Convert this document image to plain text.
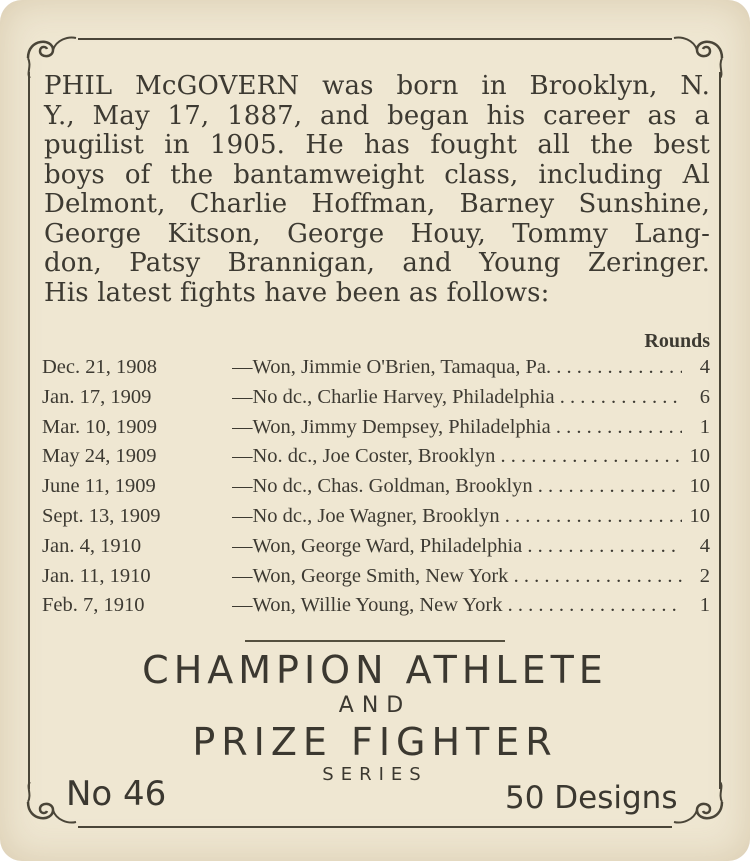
PHIL McGOVERN was born in Brooklyn, N.
Y., May 17, 1887, and began his career as a
pugilist in 1905. He has fought all the best
boys of the bantamweight class, including Al
Delmont, Charlie Hoffman, Barney Sunshine,
George Kitson, George Houy, Tommy Lang-
don, Patsy Brannigan, and Young Zeringer.
His latest fights have been as follows:
Rounds
Dec. 21, 1908	—Won, Jimmie O'Brien, Tamaqua, Pa. . . .	4
Jan. 17, 1909	—No dc., Charlie Harvey, Philadelphia . . .	6
Mar. 10, 1909	—Won, Jimmy Dempsey, Philadelphia . . .	1
May 24, 1909	—No. dc., Joe Coster, Brooklyn . . .	10
June 11, 1909	—No dc., Chas. Goldman, Brooklyn . . .	10
Sept. 13, 1909	—No dc., Joe Wagner, Brooklyn . . .	10
Jan. 4, 1910	—Won, George Ward, Philadelphia . . .	4
Jan. 11, 1910	—Won, George Smith, New York . . .	2
Feb. 7, 1910	—Won, Willie Young, New York . . .	1
CHAMPION ATHLETE
AND
PRIZE FIGHTER
SERIES
No 46	50 Designs
